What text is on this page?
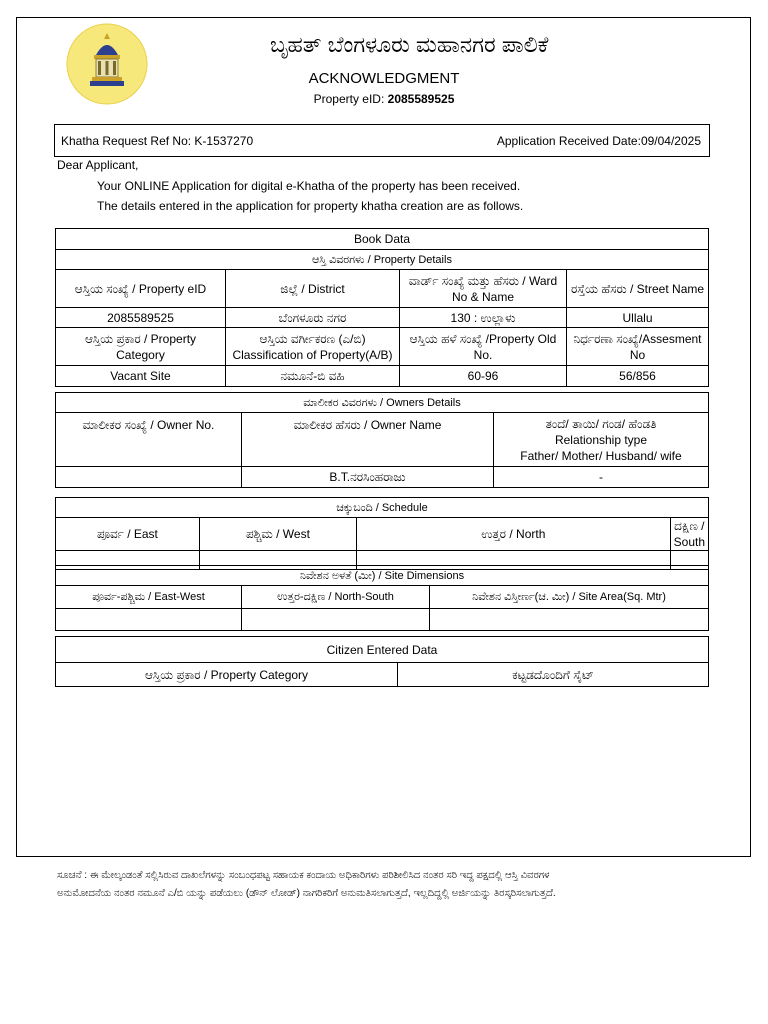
ಬೃಹತ್ ಬೆಂಗಳೂರು ಮಹಾನಗರ ಪಾಲಿಕೆ
ACKNOWLEDGMENT
Property eID: 2085589525
Khatha Request Ref No: K-1537270	Application Received Date:09/04/2025
Dear Applicant,
Your ONLINE Application for digital e-Khatha of the property has been received.
The details entered in the application for property khatha creation are as follows.
Book Data			
ಆಸ್ತಿ ವಿವರಗಳು / Property Details			
ಆಸ್ತಿಯ ಸಂಖ್ಯೆ / Property eID	ಜಿಲ್ಲೆ / District	ವಾರ್ಡ್ ಸಂಖ್ಯೆ ಮತ್ತು ಹೆಸರು / Ward No & Name	ರಸ್ತೆಯ ಹೆಸರು / Street Name
2085589525	ಬೆಂಗಳೂರು ನಗರ	130 : ಉಲ್ಲಾಳು	Ullalu
ಆಸ್ತಿಯ ಪ್ರಕಾರ / Property Category	ಆಸ್ತಿಯ ವರ್ಗೀಕರಣ (ಎ/ಬಿ) Classification of Property(A/B)	ಆಸ್ತಿಯ ಹಳೆ ಸಂಖ್ಯೆ /Property Old No.	ನಿರ್ಧರಣಾ ಸಂಖ್ಯೆ/Assesment No
Vacant Site	ನಮೂನೆ-ಬಿ ವಹಿ	60-96	56/856
ಮಾಲೀಕರ ವಿವರಗಳು / Owners Details		
ಮಾಲೀಕರ ಸಂಖ್ಯೆ / Owner No.	ಮಾಲೀಕರ ಹೆಸರು / Owner Name	ತಂದೆ/ ತಾಯಿ/ ಗಂಡ/ ಹೆಂಡತಿ
Relationship type
Father/ Mother/ Husband/ wife

	B.T.ನರಸಿಂಹರಾಜು	-
ಚಕ್ಕುಬಂದಿ / Schedule			
ಪೂರ್ವ / East	ಪಶ್ಚಿಮ / West	ಉತ್ತರ / North	ದಕ್ಷಿಣ / South

ನಿವೇಶನ ಅಳತೆ (ಮೀ) / Site Dimensions		
ಪೂರ್ವ-ಪಶ್ಚಿಮ / East-West	ಉತ್ತರ-ದಕ್ಷಿಣ / North-South	ನಿವೇಶನ ವಿಸ್ತೀರ್ಣ(ಚ. ಮೀ) / Site Area(Sq. Mtr)

Citizen Entered Data
ಆಸ್ತಿಯ ಪ್ರಕಾರ / Property Category	ಕಟ್ಟಡದೊಂದಿಗೆ ಸೈಟ್
ಸೂಚನೆ : ಈ ಮೇಲ್ಕಂಡಂತೆ ಸಲ್ಲಿಸಿರುವ ದಾಖಲೆಗಳನ್ನು ಸಂಬಂಧಪಟ್ಟ ಸಹಾಯಕ ಕಂದಾಯ ಅಧಿಕಾರಿಗಳು ಪರಿಶೀಲಿಸಿದ ನಂತರ ಸರಿ ಇದ್ದ ಪಕ್ಷದಲ್ಲಿ ಆಸ್ತಿ ವಿವರಗಳ
ಅನುಮೋದನೆಯ ನಂತರ ನಮೂನೆ ಎ/ಬಿ ಯನ್ನು ಪಡೆಯಲು (ಡೌನ್ ಲೋಡ್) ನಾಗರಿಕರಿಗೆ ಅನುಮತಿಸಲಾಗುತ್ತದೆ, ಇಲ್ಲದಿದ್ದಲ್ಲಿ ಅರ್ಜಿಯನ್ನು ತಿರಸ್ಕರಿಸಲಾಗುತ್ತದೆ.
